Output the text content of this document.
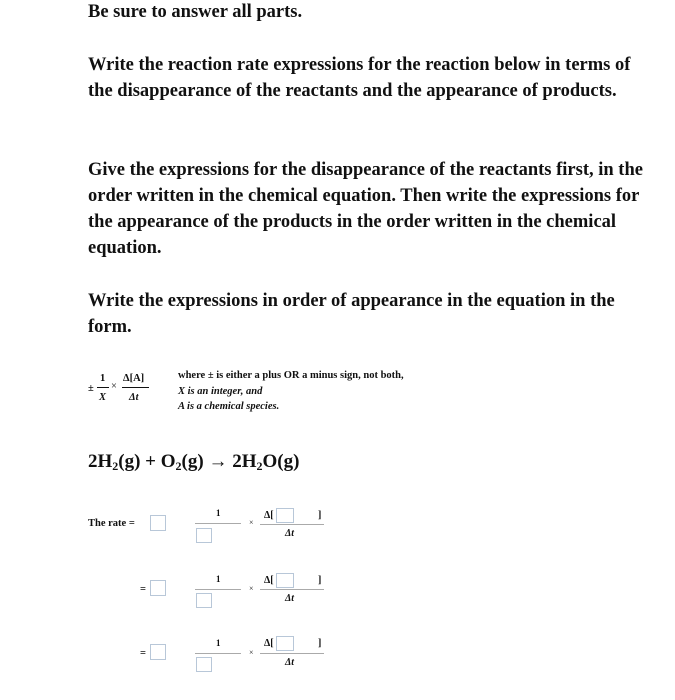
Be sure to answer all parts.

Write the reaction rate expressions for the reaction below in terms of the disappearance of the reactants and the appearance of products.

Give the expressions for the disappearance of the reactants first, in the order written in the chemical equation. Then write the expressions for the appearance of the products in the order written in the chemical equation.

Write the expressions in order of appearance in the equation in the form.

±
1
X
×
Δ[A]
Δt
where ± is either a plus OR a minus sign, not both,
X is an integer, and
A is a chemical species.
$2H_2(g) + O_2(g) \to 2H_2O(g)$
The rate =
1
×
Δ[	]
Δt
=
1
×
Δ[	]
Δt
=
1
×
Δ[	]
Δt
